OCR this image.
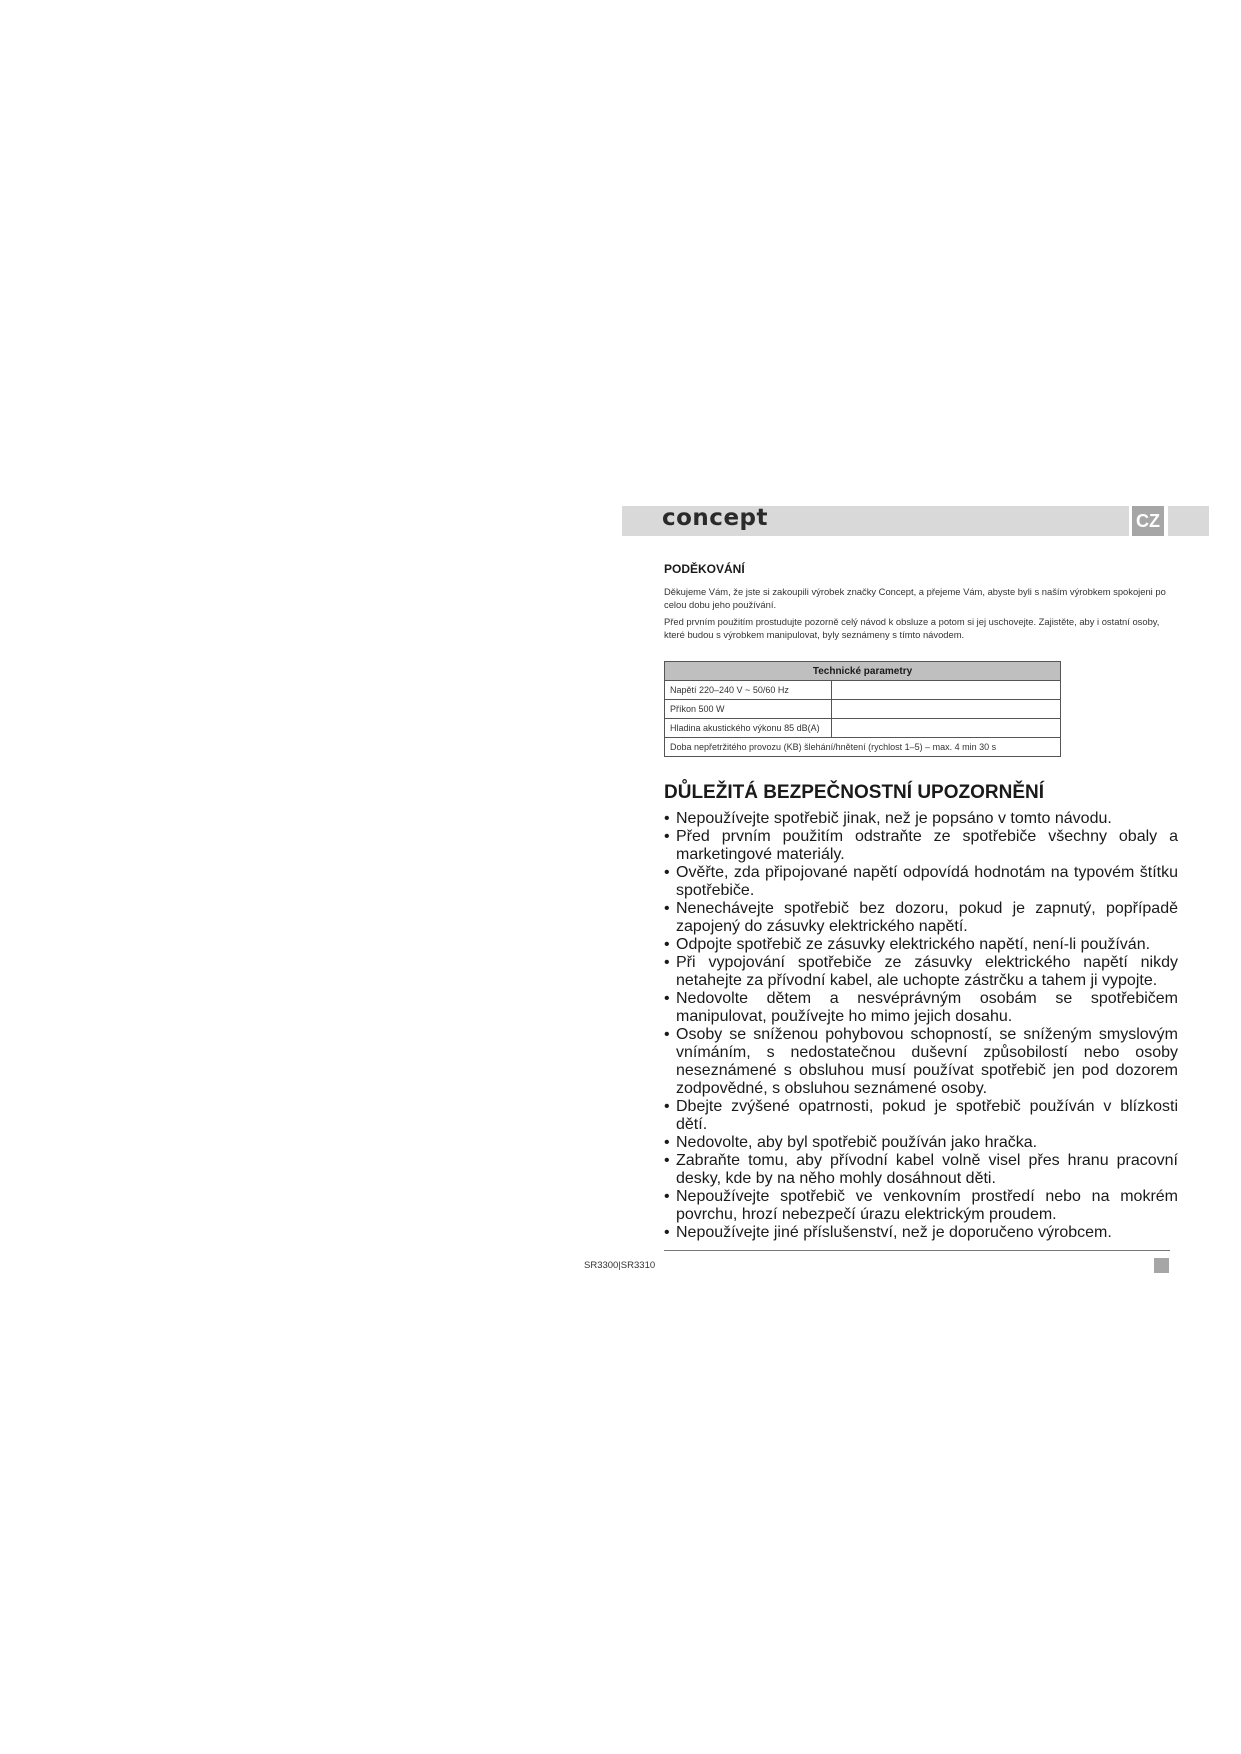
concept	CZ
PODĚKOVÁNÍ
Děkujeme Vám, že jste si zakoupili výrobek značky Concept, a přejeme Vám, abyste byli s naším výrobkem spokojeni po celou dobu jeho používání.
Před prvním použitím prostudujte pozorně celý návod k obsluze a potom si jej uschovejte. Zajistěte, aby i ostatní osoby, které budou s výrobkem manipulovat, byly seznámeny s tímto návodem.
Technické parametry	
Napětí 220–240 V ~ 50/60 Hz	
Příkon 500 W	
Hladina akustického výkonu 85 dB(A)	
Doba nepřetržitého provozu (KB) šlehání/hnětení (rychlost 1–5) – max. 4 min 30 s	
DŮLEŽITÁ BEZPEČNOSTNÍ UPOZORNĚNÍ
• Nepoužívejte spotřebič jinak, než je popsáno v tomto návodu.
• Před prvním použitím odstraňte ze spotřebiče všechny obaly a marketingové materiály.
• Ověřte, zda připojované napětí odpovídá hodnotám na typovém štítku spotřebiče.
• Nenechávejte spotřebič bez dozoru, pokud je zapnutý, popřípadě zapojený do zásuvky elektrického napětí.
• Odpojte spotřebič ze zásuvky elektrického napětí, není-li používán.
• Při vypojování spotřebiče ze zásuvky elektrického napětí nikdy netahejte za přívodní kabel, ale uchopte zástrčku a tahem ji vypojte.
• Nedovolte dětem a nesvéprávným osobám se spotřebičem manipulovat, používejte ho mimo jejich dosahu.
• Osoby se sníženou pohybovou schopností, se sníženým smyslovým vnímáním, s nedostatečnou duševní způsobilostí nebo osoby neseznámené s obsluhou musí používat spotřebič jen pod dozorem zodpovědné, s obsluhou seznámené osoby.
• Dbejte zvýšené opatrnosti, pokud je spotřebič používán v blízkosti dětí.
• Nedovolte, aby byl spotřebič používán jako hračka.
• Zabraňte tomu, aby přívodní kabel volně visel přes hranu pracovní desky, kde by na něho mohly dosáhnout děti.
• Nepoužívejte spotřebič ve venkovním prostředí nebo na mokrém povrchu, hrozí nebezpečí úrazu elektrickým proudem.
• Nepoužívejte jiné příslušenství, než je doporučeno výrobcem.
SR3300|SR3310
